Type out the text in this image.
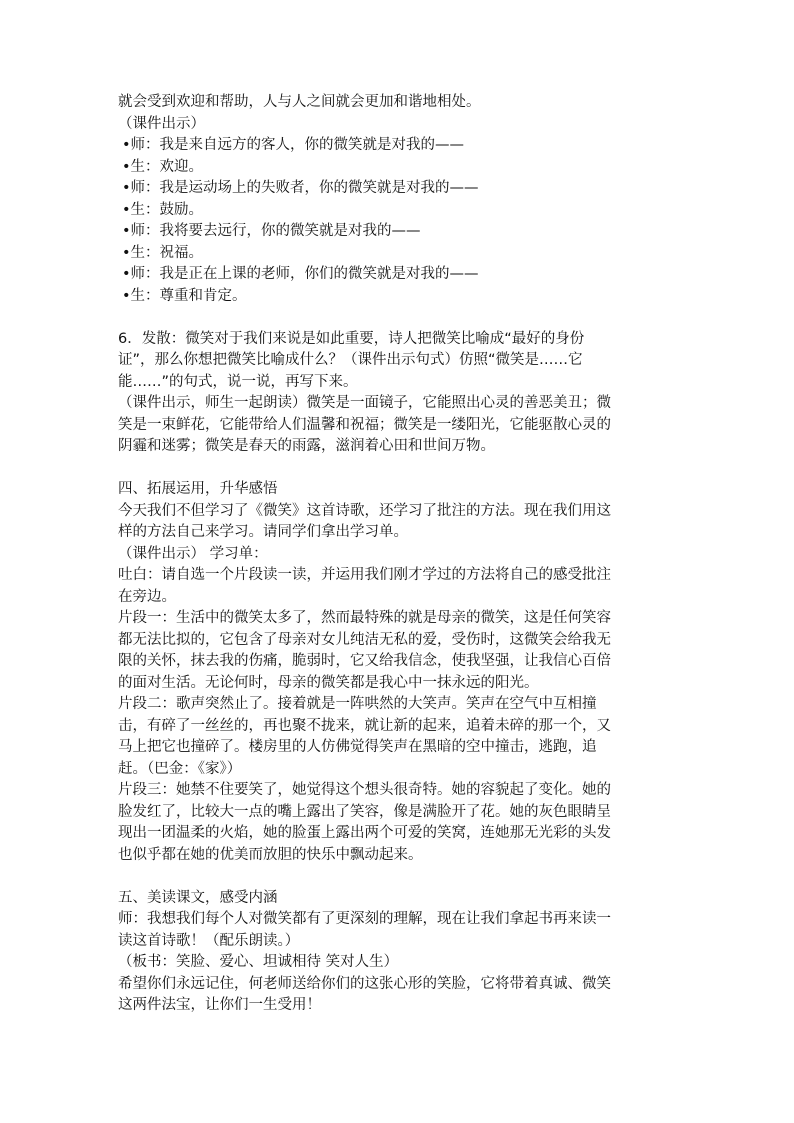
就会受到欢迎和帮助，人与人之间就会更加和谐地相处。
（课件出示）
•师：我是来自远方的客人，你的微笑就是对我的——
•生：欢迎。
•师：我是运动场上的失败者，你的微笑就是对我的——
•生：鼓励。
•师：我将要去远行，你的微笑就是对我的——
•生：祝福。
•师：我是正在上课的老师，你们的微笑就是对我的——
•生：尊重和肯定。
6．发散：微笑对于我们来说是如此重要，诗人把微笑比喻成“最好的身份
证”，那么你想把微笑比喻成什么？（课件出示句式）仿照“微笑是……它
能……”的句式，说一说，再写下来。
（课件出示，师生一起朗读）微笑是一面镜子，它能照出心灵的善恶美丑；微
笑是一束鲜花，它能带给人们温馨和祝福；微笑是一缕阳光，它能驱散心灵的
阴霾和迷雾；微笑是春天的雨露，滋润着心田和世间万物。
四、拓展运用，升华感悟
今天我们不但学习了《微笑》这首诗歌，还学习了批注的方法。现在我们用这
样的方法自己来学习。请同学们拿出学习单。
（课件出示） 学习单：
吐白：请自选一个片段读一读，并运用我们刚才学过的方法将自己的感受批注
在旁边。
片段一：生活中的微笑太多了，然而最特殊的就是母亲的微笑，这是任何笑容
都无法比拟的，它包含了母亲对女儿纯洁无私的爱，受伤时，这微笑会给我无
限的关怀，抹去我的伤痛，脆弱时，它又给我信念，使我坚强，让我信心百倍
的面对生活。无论何时，母亲的微笑都是我心中一抹永远的阳光。
片段二：歌声突然止了。接着就是一阵哄然的大笑声。笑声在空气中互相撞
击，有碎了一丝丝的，再也聚不拢来，就让新的起来，追着未碎的那一个，又
马上把它也撞碎了。楼房里的人仿佛觉得笑声在黑暗的空中撞击，逃跑，追
赶。（巴金：《家》）
片段三：她禁不住要笑了，她觉得这个想头很奇特。她的容貌起了变化。她的
脸发红了，比较大一点的嘴上露出了笑容，像是满脸开了花。她的灰色眼睛呈
现出一团温柔的火焰，她的脸蛋上露出两个可爱的笑窝，连她那无光彩的头发
也似乎都在她的优美而放胆的快乐中飘动起来。
五、美读课文，感受内涵
师：我想我们每个人对微笑都有了更深刻的理解，现在让我们拿起书再来读一
读这首诗歌！（配乐朗读。）
（板书：笑脸、爱心、坦诚相待 笑对人生）
希望你们永远记住，何老师送给你们的这张心形的笑脸，它将带着真诚、微笑
这两件法宝，让你们一生受用！
